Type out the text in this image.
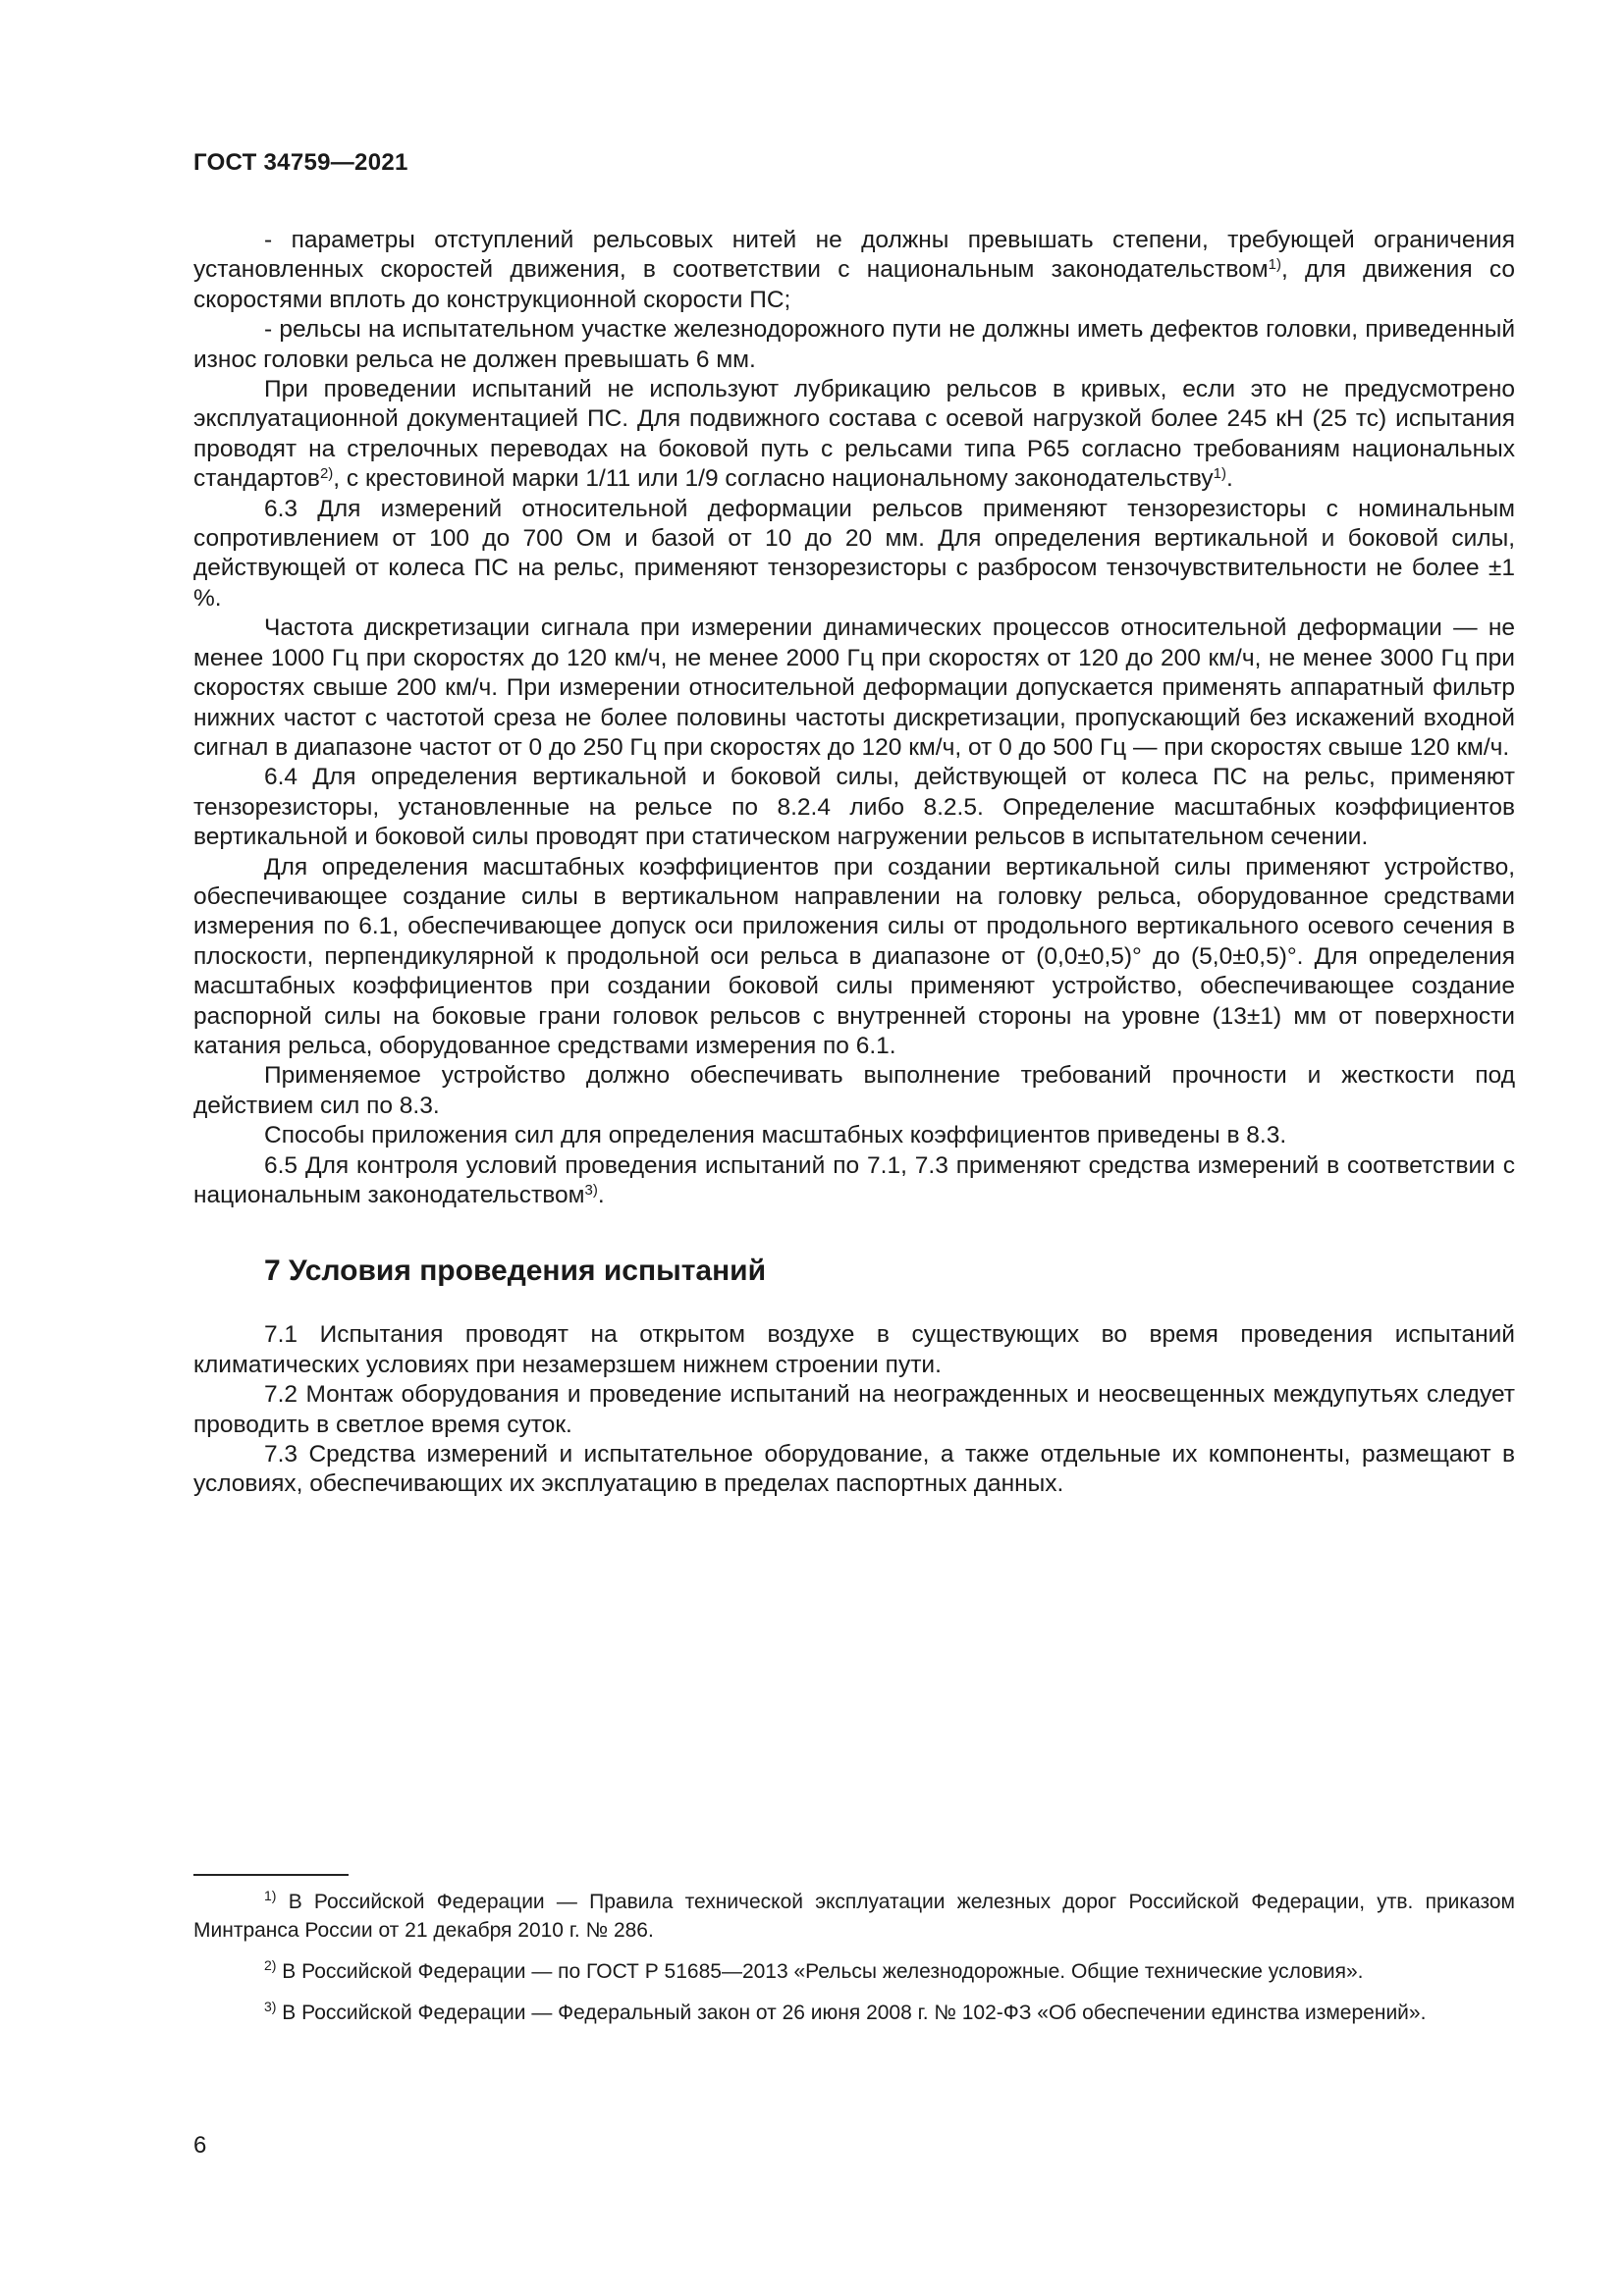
ГОСТ 34759—2021

- параметры отступлений рельсовых нитей не должны превышать степени, требующей ограничения установленных скоростей движения, в соответствии с национальным законодательством$^{1)}$, для движения со скоростями вплоть до конструкционной скорости ПС;

- рельсы на испытательном участке железнодорожного пути не должны иметь дефектов головки, приведенный износ головки рельса не должен превышать 6 мм.

При проведении испытаний не используют лубрикацию рельсов в кривых, если это не предусмотрено эксплуатационной документацией ПС. Для подвижного состава с осевой нагрузкой более 245 кН (25 тс) испытания проводят на стрелочных переводах на боковой путь с рельсами типа Р65 согласно требованиям национальных стандартов$^{2)}$, с крестовиной марки 1/11 или 1/9 согласно национальному законодательству$^{1)}$.

6.3 Для измерений относительной деформации рельсов применяют тензорезисторы с номинальным сопротивлением от 100 до 700 Ом и базой от 10 до 20 мм. Для определения вертикальной и боковой силы, действующей от колеса ПС на рельс, применяют тензорезисторы с разбросом тензочувствительности не более ±1 %.

Частота дискретизации сигнала при измерении динамических процессов относительной деформации — не менее 1000 Гц при скоростях до 120 км/ч, не менее 2000 Гц при скоростях от 120 до 200 км/ч, не менее 3000 Гц при скоростях свыше 200 км/ч. При измерении относительной деформации допускается применять аппаратный фильтр нижних частот с частотой среза не более половины частоты дискретизации, пропускающий без искажений входной сигнал в диапазоне частот от 0 до 250 Гц при скоростях до 120 км/ч, от 0 до 500 Гц — при скоростях свыше 120 км/ч.

6.4 Для определения вертикальной и боковой силы, действующей от колеса ПС на рельс, применяют тензорезисторы, установленные на рельсе по 8.2.4 либо 8.2.5. Определение масштабных коэффициентов вертикальной и боковой силы проводят при статическом нагружении рельсов в испытательном сечении.

Для определения масштабных коэффициентов при создании вертикальной силы применяют устройство, обеспечивающее создание силы в вертикальном направлении на головку рельса, оборудованное средствами измерения по 6.1, обеспечивающее допуск оси приложения силы от продольного вертикального осевого сечения в плоскости, перпендикулярной к продольной оси рельса в диапазоне от (0,0±0,5)° до (5,0±0,5)°. Для определения масштабных коэффициентов при создании боковой силы применяют устройство, обеспечивающее создание распорной силы на боковые грани головок рельсов с внутренней стороны на уровне (13±1) мм от поверхности катания рельса, оборудованное средствами измерения по 6.1.

Применяемое устройство должно обеспечивать выполнение требований прочности и жесткости под действием сил по 8.3.

Способы приложения сил для определения масштабных коэффициентов приведены в 8.3.

6.5 Для контроля условий проведения испытаний по 7.1, 7.3 применяют средства измерений в соответствии с национальным законодательством$^{3)}$.

7 Условия проведения испытаний

7.1 Испытания проводят на открытом воздухе в существующих во время проведения испытаний климатических условиях при незамерзшем нижнем строении пути.

7.2 Монтаж оборудования и проведение испытаний на неогражденных и неосвещенных междупутьях следует проводить в светлое время суток.

7.3 Средства измерений и испытательное оборудование, а также отдельные их компоненты, размещают в условиях, обеспечивающих их эксплуатацию в пределах паспортных данных.

$^{1)}$ В Российской Федерации — Правила технической эксплуатации железных дорог Российской Федерации, утв. приказом Минтранса России от 21 декабря 2010 г. № 286.

$^{2)}$ В Российской Федерации — по ГОСТ Р 51685—2013 «Рельсы железнодорожные. Общие технические условия».

$^{3)}$ В Российской Федерации — Федеральный закон от 26 июня 2008 г. № 102-ФЗ «Об обеспечении единства измерений».

6
